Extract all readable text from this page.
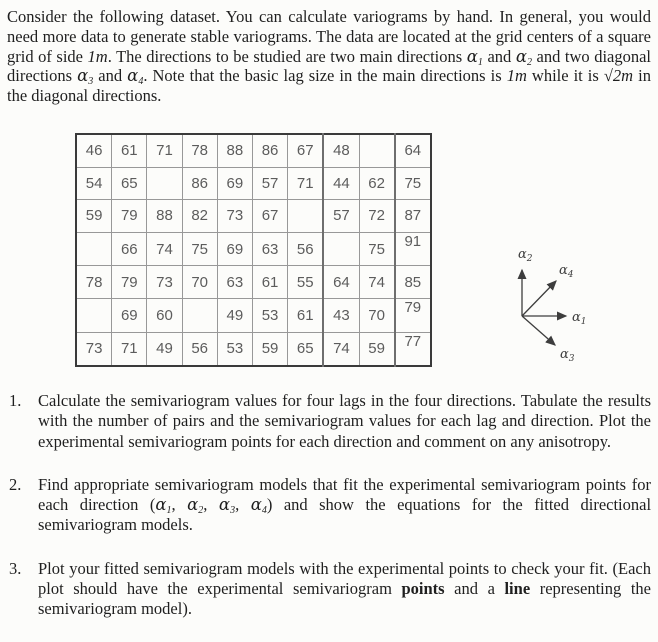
Consider the following dataset. You can calculate variograms by hand. In general, you would need more data to generate stable variograms. The data are located at the grid centers of a square grid of side 1m. The directions to be studied are two main directions $\alpha_1$ and $\alpha_2$ and two diagonal directions $\alpha_3$ and $\alpha_4$. Note that the basic lag size in the main directions is 1m while it is √2m in the diagonal directions.

46	61	71	78	88	86	67	48		64
54	65		86	69	57	71	44	62	75
59	79	88	82	73	67		57	72	87
	66	74	75	69	63	56		75	91
78	79	73	70	63	61	55	64	74	85
	69	60		49	53	61	43	70	79
73	71	49	56	53	59	65	74	59	77
$\alpha_2$
$\alpha_4$
$\alpha_1$
$\alpha_3$
1.	Calculate the semivariogram values for four lags in the four directions. Tabulate the results with the number of pairs and the semivariogram values for each lag and direction. Plot the experimental semivariogram points for each direction and comment on any anisotropy.
2.	Find appropriate semivariogram models that fit the experimental semivariogram points for each direction ($\alpha_1$, $\alpha_2$, $\alpha_3$, $\alpha_4$) and show the equations for the fitted directional semivariogram models.
3.	Plot your fitted semivariogram models with the experimental points to check your fit. (Each plot should have the experimental semivariogram points and a line representing the semivariogram model).
